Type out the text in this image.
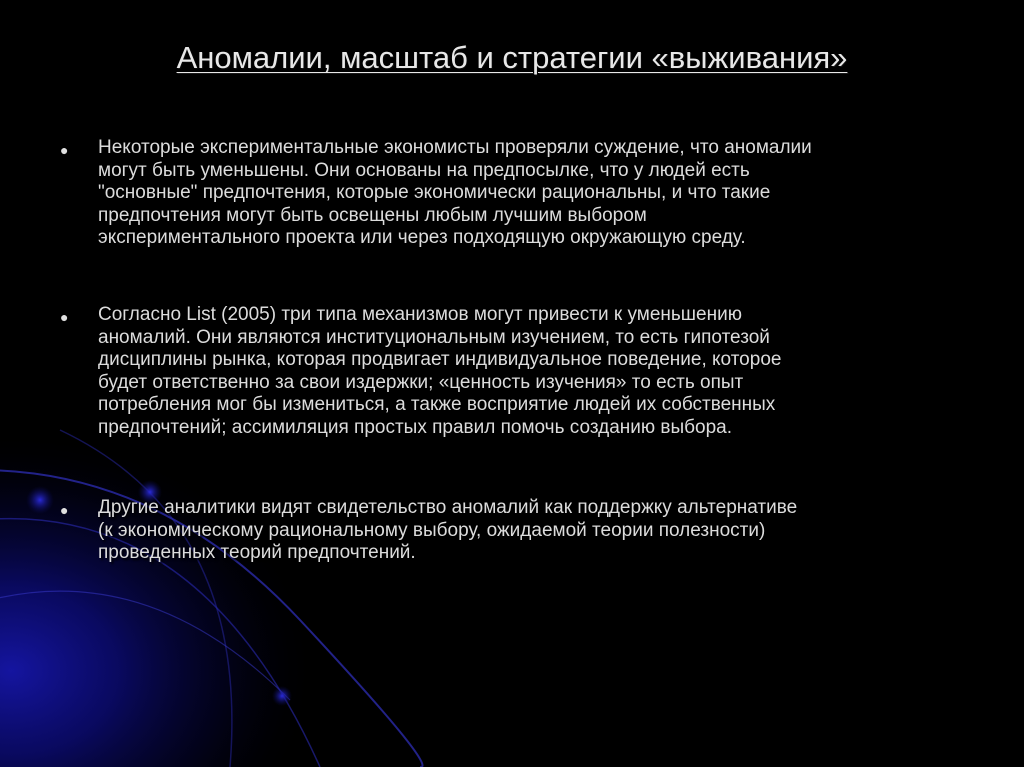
Аномалии, масштаб и стратегии «выживания»
● Некоторые экспериментальные экономисты проверяли суждение, что аномалии
могут быть уменьшены. Они основаны на предпосылке, что у людей есть
"основные" предпочтения, которые экономически рациональны, и что такие
предпочтения могут быть освещены любым лучшим выбором
экспериментального проекта или через подходящую окружающую среду.
● Согласно List (2005) три типа механизмов могут привести к уменьшению
аномалий. Они являются институциональным изучением, то есть гипотезой
дисциплины рынка, которая продвигает индивидуальное поведение, которое
будет ответственно за свои издержки; «ценность изучения» то есть опыт
потребления мог бы измениться, а также восприятие людей их собственных
предпочтений; ассимиляция простых правил помочь созданию выбора.
● Другие аналитики видят свидетельство аномалий как поддержку альтернативе
(к экономическому рациональному выбору, ожидаемой теории полезности)
проведенных теорий предпочтений.
